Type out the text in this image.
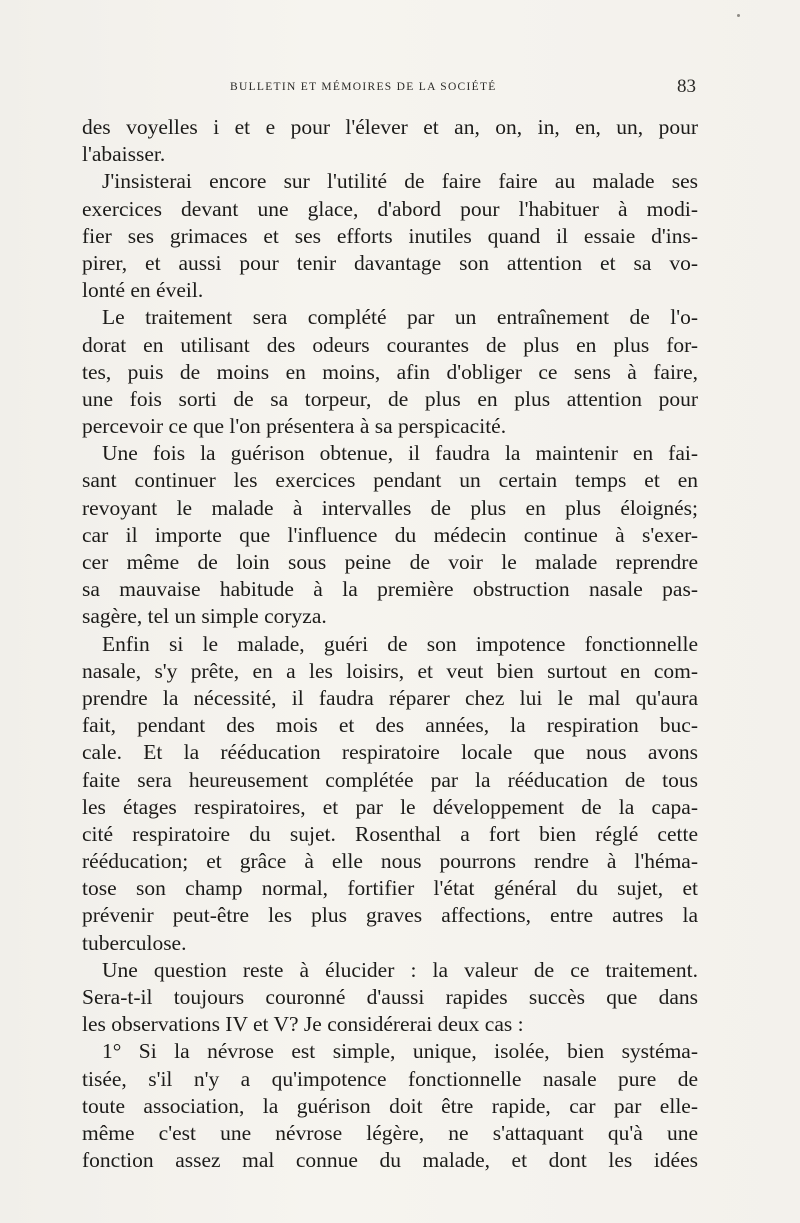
BULLETIN ET MÉMOIRES DE LA SOCIÉTÉ	83
des voyelles i et e pour l'élever et an, on, in, en, un, pour
l'abaisser.
J'insisterai encore sur l'utilité de faire faire au malade ses
exercices devant une glace, d'abord pour l'habituer à modi-
fier ses grimaces et ses efforts inutiles quand il essaie d'ins-
pirer, et aussi pour tenir davantage son attention et sa vo-
lonté en éveil.
Le traitement sera complété par un entraînement de l'o-
dorat en utilisant des odeurs courantes de plus en plus for-
tes, puis de moins en moins, afin d'obliger ce sens à faire,
une fois sorti de sa torpeur, de plus en plus attention pour
percevoir ce que l'on présentera à sa perspicacité.
Une fois la guérison obtenue, il faudra la maintenir en fai-
sant continuer les exercices pendant un certain temps et en
revoyant le malade à intervalles de plus en plus éloignés;
car il importe que l'influence du médecin continue à s'exer-
cer même de loin sous peine de voir le malade reprendre
sa mauvaise habitude à la première obstruction nasale pas-
sagère, tel un simple coryza.
Enfin si le malade, guéri de son impotence fonctionnelle
nasale, s'y prête, en a les loisirs, et veut bien surtout en com-
prendre la nécessité, il faudra réparer chez lui le mal qu'aura
fait, pendant des mois et des années, la respiration buc-
cale. Et la rééducation respiratoire locale que nous avons
faite sera heureusement complétée par la rééducation de tous
les étages respiratoires, et par le développement de la capa-
cité respiratoire du sujet. Rosenthal a fort bien réglé cette
rééducation; et grâce à elle nous pourrons rendre à l'héma-
tose son champ normal, fortifier l'état général du sujet, et
prévenir peut-être les plus graves affections, entre autres la
tuberculose.
Une question reste à élucider : la valeur de ce traitement.
Sera-t-il toujours couronné d'aussi rapides succès que dans
les observations IV et V? Je considérerai deux cas :
1° Si la névrose est simple, unique, isolée, bien systéma-
tisée, s'il n'y a qu'impotence fonctionnelle nasale pure de
toute association, la guérison doit être rapide, car par elle-
même c'est une névrose légère, ne s'attaquant qu'à une
fonction assez mal connue du malade, et dont les idées
